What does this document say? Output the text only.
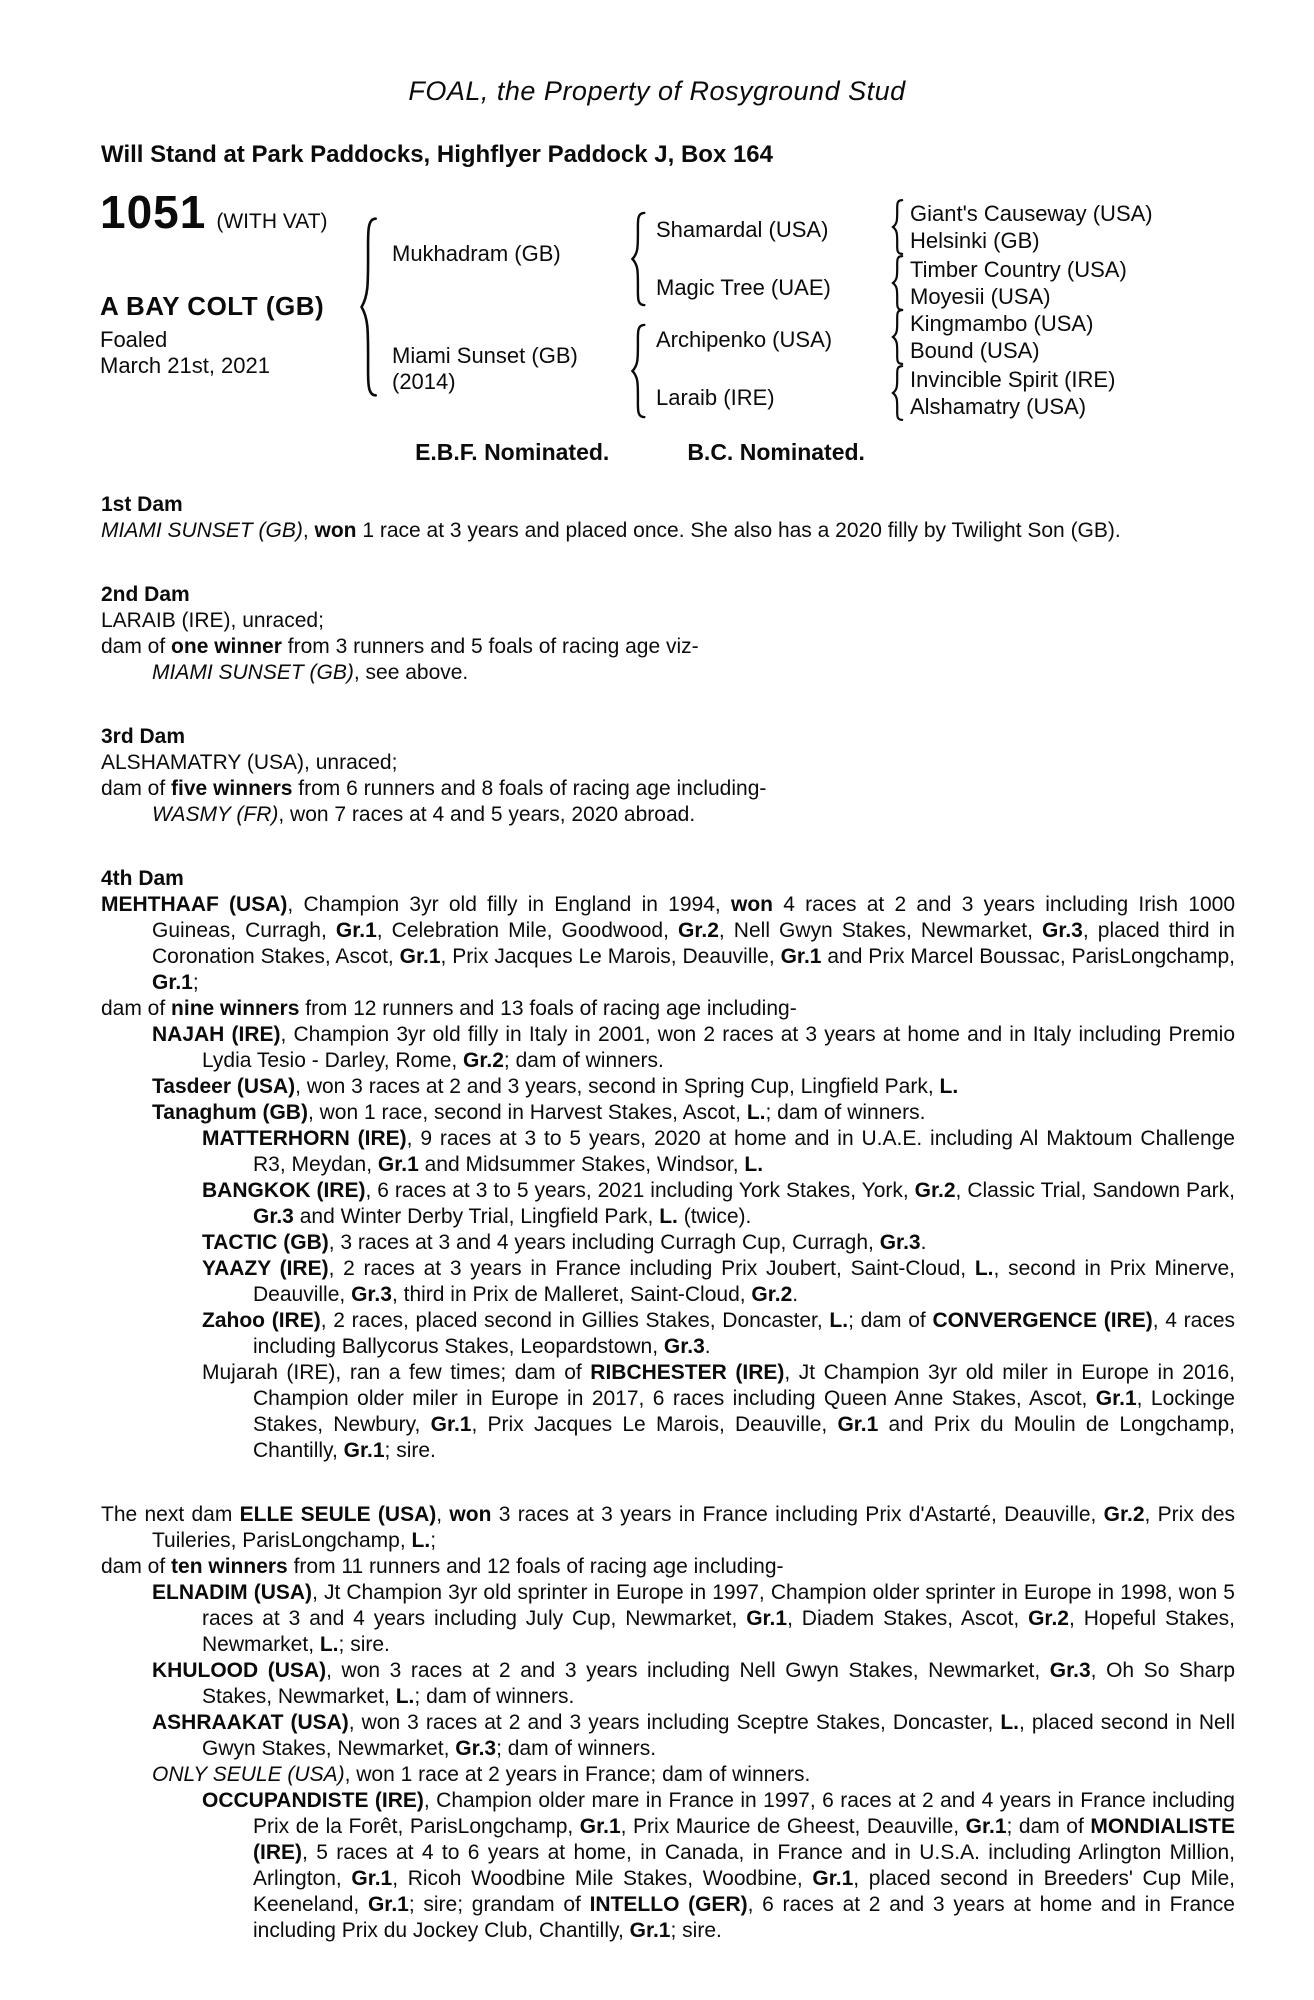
FOAL, the Property of Rosyground Stud
Will Stand at Park Paddocks, Highflyer Paddock J, Box 164
1051 (WITH VAT)
A BAY COLT (GB)
Foaled
March 21st, 2021
Mukhadram (GB)
Miami Sunset (GB)
(2014)
Shamardal (USA)
Magic Tree (UAE)
Archipenko (USA)
Laraib (IRE)
Giant's Causeway (USA)
Helsinki (GB)
Timber Country (USA)
Moyesii (USA)
Kingmambo (USA)
Bound (USA)
Invincible Spirit (IRE)
Alshamatry (USA)
E.B.F. Nominated.	B.C. Nominated.
1st Dam

MIAMI SUNSET (GB), won 1 race at 3 years and placed once. She also has a 2020 filly by Twilight Son (GB).

2nd Dam

LARAIB (IRE), unraced;

dam of one winner from 3 runners and 5 foals of racing age viz-

MIAMI SUNSET (GB), see above.

3rd Dam

ALSHAMATRY (USA), unraced;

dam of five winners from 6 runners and 8 foals of racing age including-

WASMY (FR), won 7 races at 4 and 5 years, 2020 abroad.

4th Dam

MEHTHAAF (USA), Champion 3yr old filly in England in 1994, won 4 races at 2 and 3 years including Irish 1000 Guineas, Curragh, Gr.1, Celebration Mile, Goodwood, Gr.2, Nell Gwyn Stakes, Newmarket, Gr.3, placed third in Coronation Stakes, Ascot, Gr.1, Prix Jacques Le Marois, Deauville, Gr.1 and Prix Marcel Boussac, ParisLongchamp, Gr.1;

dam of nine winners from 12 runners and 13 foals of racing age including-

NAJAH (IRE), Champion 3yr old filly in Italy in 2001, won 2 races at 3 years at home and in Italy including Premio Lydia Tesio - Darley, Rome, Gr.2; dam of winners.

Tasdeer (USA), won 3 races at 2 and 3 years, second in Spring Cup, Lingfield Park, L.

Tanaghum (GB), won 1 race, second in Harvest Stakes, Ascot, L.; dam of winners.

MATTERHORN (IRE), 9 races at 3 to 5 years, 2020 at home and in U.A.E. including Al Maktoum Challenge R3, Meydan, Gr.1 and Midsummer Stakes, Windsor, L.

BANGKOK (IRE), 6 races at 3 to 5 years, 2021 including York Stakes, York, Gr.2, Classic Trial, Sandown Park, Gr.3 and Winter Derby Trial, Lingfield Park, L. (twice).

TACTIC (GB), 3 races at 3 and 4 years including Curragh Cup, Curragh, Gr.3.

YAAZY (IRE), 2 races at 3 years in France including Prix Joubert, Saint-Cloud, L., second in Prix Minerve, Deauville, Gr.3, third in Prix de Malleret, Saint-Cloud, Gr.2.

Zahoo (IRE), 2 races, placed second in Gillies Stakes, Doncaster, L.; dam of CONVERGENCE (IRE), 4 races including Ballycorus Stakes, Leopardstown, Gr.3.

Mujarah (IRE), ran a few times; dam of RIBCHESTER (IRE), Jt Champion 3yr old miler in Europe in 2016, Champion older miler in Europe in 2017, 6 races including Queen Anne Stakes, Ascot, Gr.1, Lockinge Stakes, Newbury, Gr.1, Prix Jacques Le Marois, Deauville, Gr.1 and Prix du Moulin de Longchamp, Chantilly, Gr.1; sire.

The next dam ELLE SEULE (USA), won 3 races at 3 years in France including Prix d'Astarté, Deauville, Gr.2, Prix des Tuileries, ParisLongchamp, L.;

dam of ten winners from 11 runners and 12 foals of racing age including-

ELNADIM (USA), Jt Champion 3yr old sprinter in Europe in 1997, Champion older sprinter in Europe in 1998, won 5 races at 3 and 4 years including July Cup, Newmarket, Gr.1, Diadem Stakes, Ascot, Gr.2, Hopeful Stakes, Newmarket, L.; sire.

KHULOOD (USA), won 3 races at 2 and 3 years including Nell Gwyn Stakes, Newmarket, Gr.3, Oh So Sharp Stakes, Newmarket, L.; dam of winners.

ASHRAAKAT (USA), won 3 races at 2 and 3 years including Sceptre Stakes, Doncaster, L., placed second in Nell Gwyn Stakes, Newmarket, Gr.3; dam of winners.

ONLY SEULE (USA), won 1 race at 2 years in France; dam of winners.

OCCUPANDISTE (IRE), Champion older mare in France in 1997, 6 races at 2 and 4 years in France including Prix de la Forêt, ParisLongchamp, Gr.1, Prix Maurice de Gheest, Deauville, Gr.1; dam of MONDIALISTE (IRE), 5 races at 4 to 6 years at home, in Canada, in France and in U.S.A. including Arlington Million, Arlington, Gr.1, Ricoh Woodbine Mile Stakes, Woodbine, Gr.1, placed second in Breeders' Cup Mile, Keeneland, Gr.1; sire; grandam of INTELLO (GER), 6 races at 2 and 3 years at home and in France including Prix du Jockey Club, Chantilly, Gr.1; sire.
